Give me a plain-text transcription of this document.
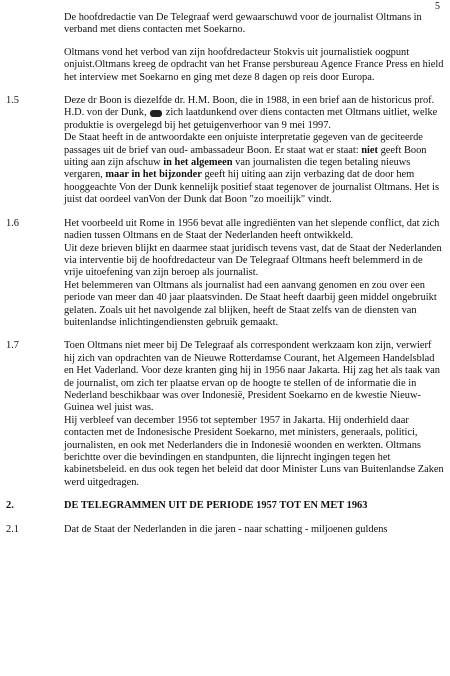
5

De hoofdredactie van De Telegraaf werd gewaarschuwd voor de journalist Oltmans in verband met diens contacten met Soekarno.

Oltmans vond het verbod van zijn hoofdredacteur Stokvis uit journalistiek oogpunt onjuist.Oltmans kreeg de opdracht van het Franse persbureau Agence France Press en hield het interview met Soekarno en ging met deze 8 dagen op reis door Europa.

1.5	Deze dr Boon is diezelfde dr. H.M. Boon, die in 1988, in een brief aan de historicus prof. H.D. von der Dunk, zich laatdunkend over diens contacten met Oltmans uitliet, welke produktie is overgelegd bij het getuigenverhoor van 9 mei 1997.

De Staat heeft in de antwoordakte een onjuiste interpretatie gegeven van de geciteerde passages uit de brief van oud- ambassadeur Boon. Er staat wat er staat: niet geeft Boon uiting aan zijn afschuw in het algemeen van journalisten die tegen betaling nieuws vergaren, maar in het bijzonder geeft hij uiting aan zijn verbazing dat de door hem hooggeachte Von der Dunk kennelijk positief staat tegenover de journalist Oltmans. Het is juist dat oordeel vanVon der Dunk dat Boon "zo moeilijk" vindt.

1.6	Het voorbeeld uit Rome in 1956 bevat alle ingrediënten van het slepende conflict, dat zich nadien tussen Oltmans en de Staat der Nederlanden heeft ontwikkeld.

Uit deze brieven blijkt en daarmee staat juridisch tevens vast, dat de Staat der Nederlanden via interventie bij de hoofdredacteur van De Telegraaf Oltmans heeft belemmerd in de vrije uitoefening van zijn beroep als journalist.

Het belemmeren van Oltmans als journalist had een aanvang genomen en zou over een periode van meer dan 40 jaar plaatsvinden. De Staat heeft daarbij geen middel ongebruikt gelaten. Zoals uit het navolgende zal blijken, heeft de Staat zelfs van de diensten van buitenlandse inlichtingendiensten gebruik gemaakt.

1.7	Toen Oltmans niet meer bij De Telegraaf als correspondent werkzaam kon zijn, verwierf hij zich van opdrachten van de Nieuwe Rotterdamse Courant, het Algemeen Handelsblad en Het Vaderland. Voor deze kranten ging hij in 1956 naar Jakarta. Hij zag het als taak van de journalist, om zich ter plaatse ervan op de hoogte te stellen of de informatie die in Nederland beschikbaar was over Indonesië, President Soekarno en de kwestie Nieuw-Guinea wel juist was.

Hij verbleef van december 1956 tot september 1957 in Jakarta. Hij onderhield daar contacten met de Indonesische President Soekarno, met ministers, generaals, politici, journalisten, en ook met Nederlanders die in Indonesië woonden en werkten. Oltmans berichtte over die bevindingen en standpunten, die lijnrecht ingingen tegen het kabinetsbeleid. en dus ook tegen het beleid dat door Minister Luns van Buitenlandse Zaken werd uitgedragen.

2.	DE TELEGRAMMEN UIT DE PERIODE 1957 TOT EN MET 1963

2.1	Dat de Staat der Nederlanden in die jaren - naar schatting - miljoenen guldens
